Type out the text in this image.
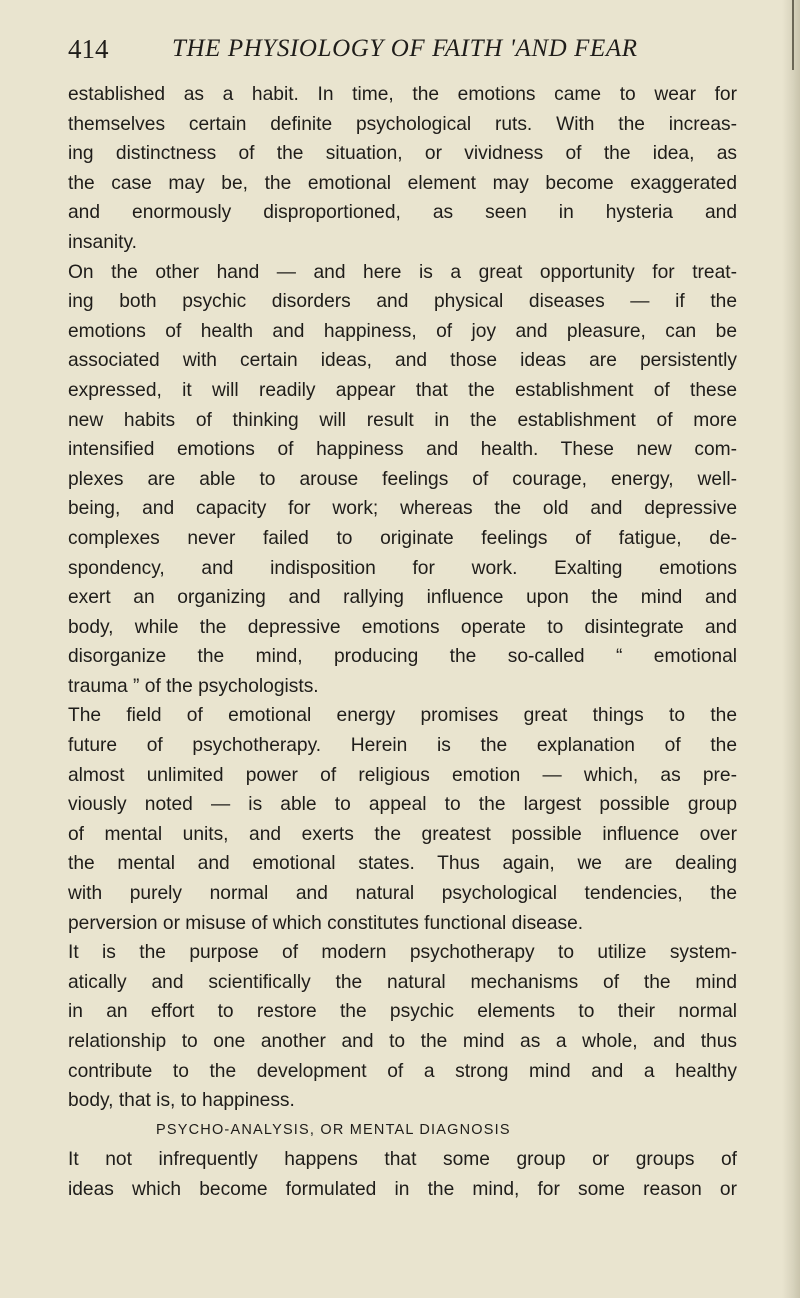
414	THE PHYSIOLOGY OF FAITH 'AND FEAR
established as a habit. In time, the emotions came to wear for
themselves certain definite psychological ruts. With the increas-
ing distinctness of the situation, or vividness of the idea, as
the case may be, the emotional element may become exaggerated
and enormously disproportioned, as seen in hysteria and
insanity.
On the other hand — and here is a great opportunity for treat-
ing both psychic disorders and physical diseases — if the
emotions of health and happiness, of joy and pleasure, can be
associated with certain ideas, and those ideas are persistently
expressed, it will readily appear that the establishment of these
new habits of thinking will result in the establishment of more
intensified emotions of happiness and health. These new com-
plexes are able to arouse feelings of courage, energy, well-
being, and capacity for work; whereas the old and depressive
complexes never failed to originate feelings of fatigue, de-
spondency, and indisposition for work. Exalting emotions
exert an organizing and rallying influence upon the mind and
body, while the depressive emotions operate to disintegrate and
disorganize the mind, producing the so-called “ emotional
trauma ” of the psychologists.
The field of emotional energy promises great things to the
future of psychotherapy. Herein is the explanation of the
almost unlimited power of religious emotion — which, as pre-
viously noted — is able to appeal to the largest possible group
of mental units, and exerts the greatest possible influence over
the mental and emotional states. Thus again, we are dealing
with purely normal and natural psychological tendencies, the
perversion or misuse of which constitutes functional disease.
It is the purpose of modern psychotherapy to utilize system-
atically and scientifically the natural mechanisms of the mind
in an effort to restore the psychic elements to their normal
relationship to one another and to the mind as a whole, and thus
contribute to the development of a strong mind and a healthy
body, that is, to happiness.
PSYCHO-ANALYSIS, OR MENTAL DIAGNOSIS
It not infrequently happens that some group or groups of
ideas which become formulated in the mind, for some reason or
